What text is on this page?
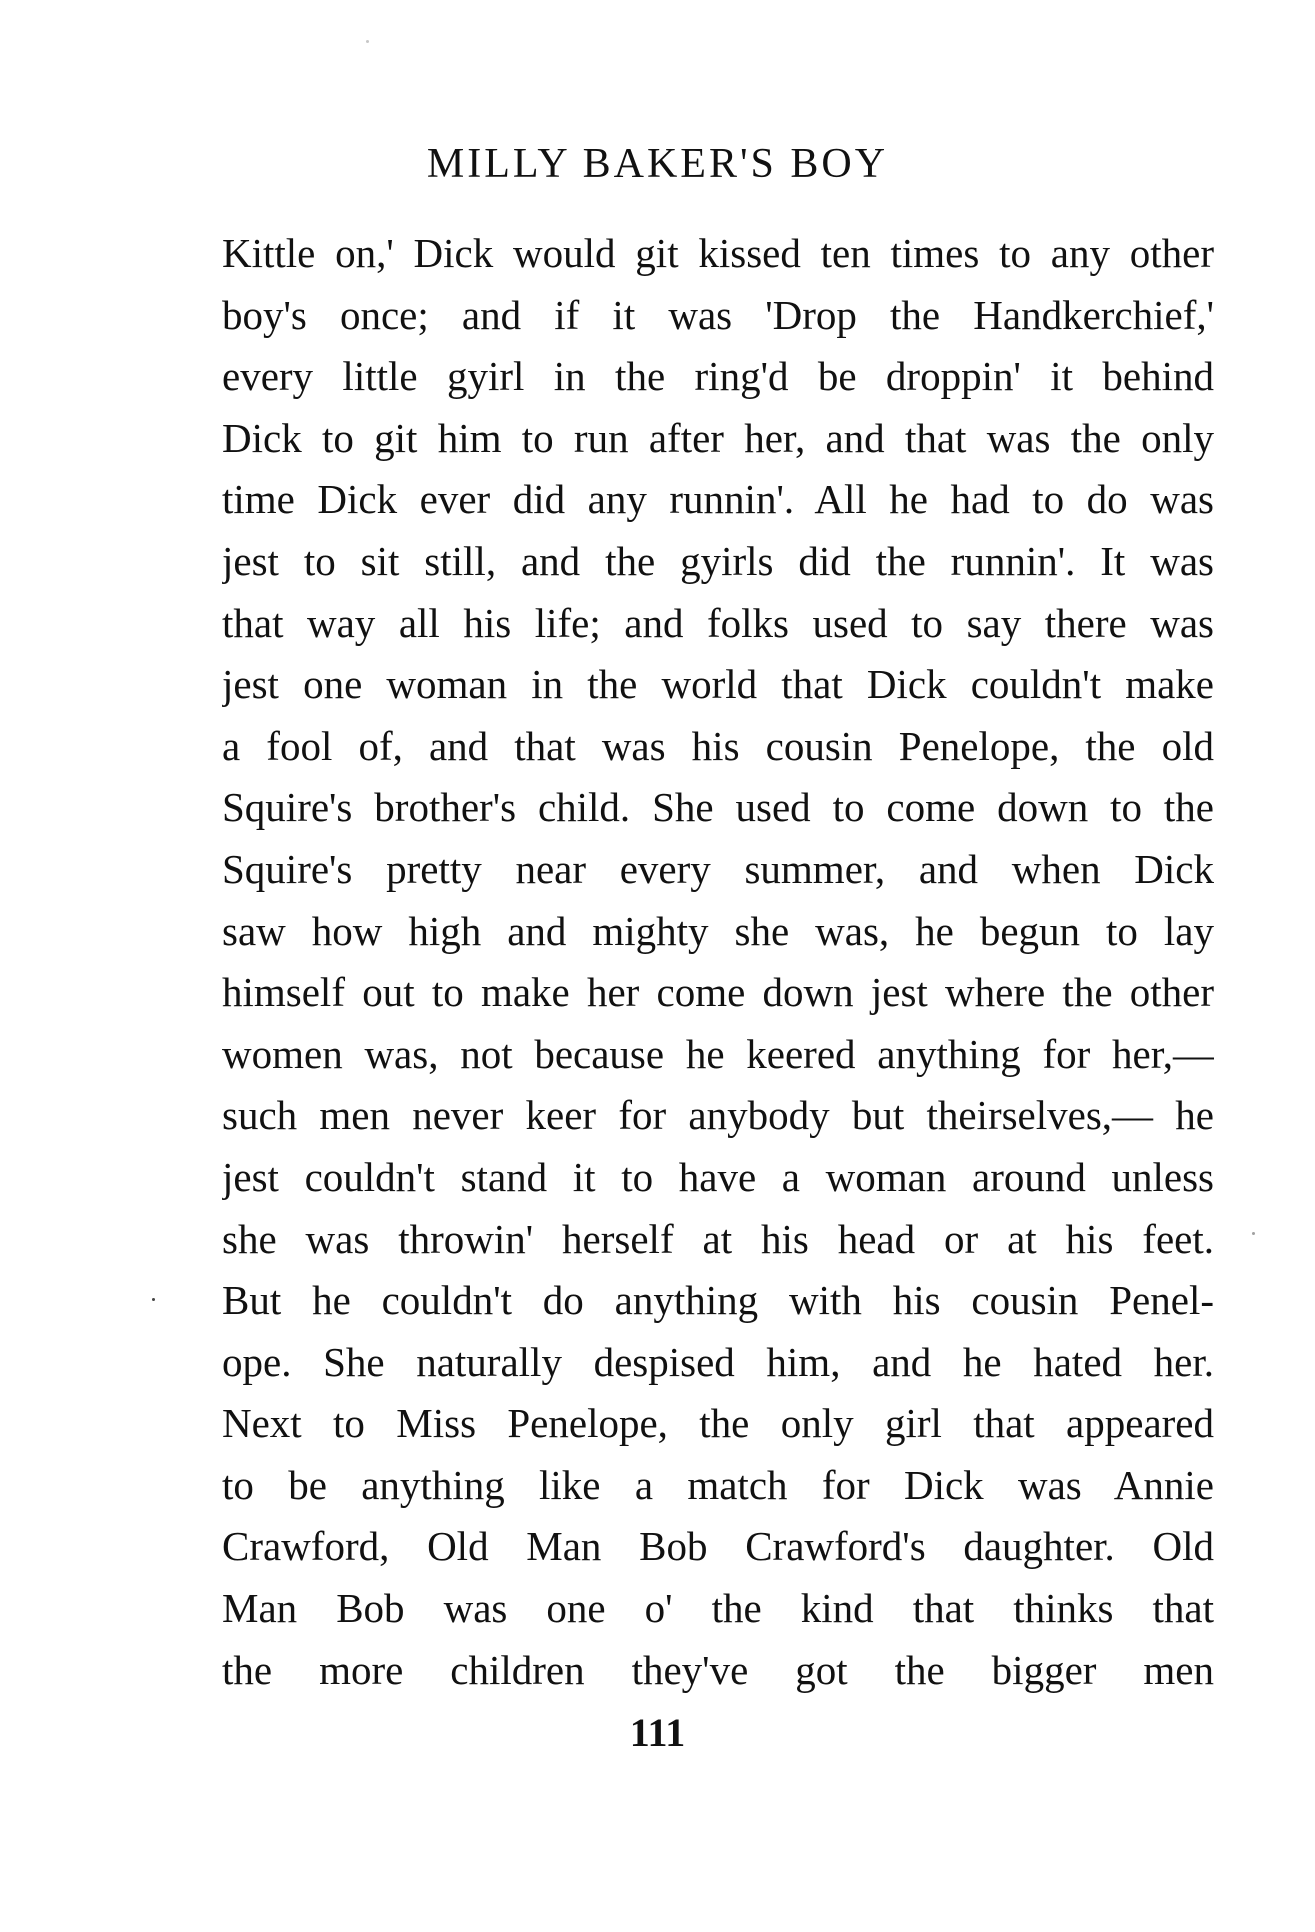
MILLY BAKER'S BOY
Kittle on,' Dick would git kissed ten times to any other
boy's once; and if it was 'Drop the Handkerchief,'
every little gyirl in the ring'd be droppin' it behind
Dick to git him to run after her, and that was the only
time Dick ever did any runnin'. All he had to do was
jest to sit still, and the gyirls did the runnin'. It was
that way all his life; and folks used to say there was
jest one woman in the world that Dick couldn't make
a fool of, and that was his cousin Penelope, the old
Squire's brother's child. She used to come down to the
Squire's pretty near every summer, and when Dick
saw how high and mighty she was, he begun to lay
himself out to make her come down jest where the other
women was, not because he keered anything for her,—
such men never keer for anybody but theirselves,— he
jest couldn't stand it to have a woman around unless
she was throwin' herself at his head or at his feet.
But he couldn't do anything with his cousin Penel-
ope. She naturally despised him, and he hated her.
Next to Miss Penelope, the only girl that appeared
to be anything like a match for Dick was Annie
Crawford, Old Man Bob Crawford's daughter. Old
Man Bob was one o' the kind that thinks that
the more children they've got the bigger men
111
